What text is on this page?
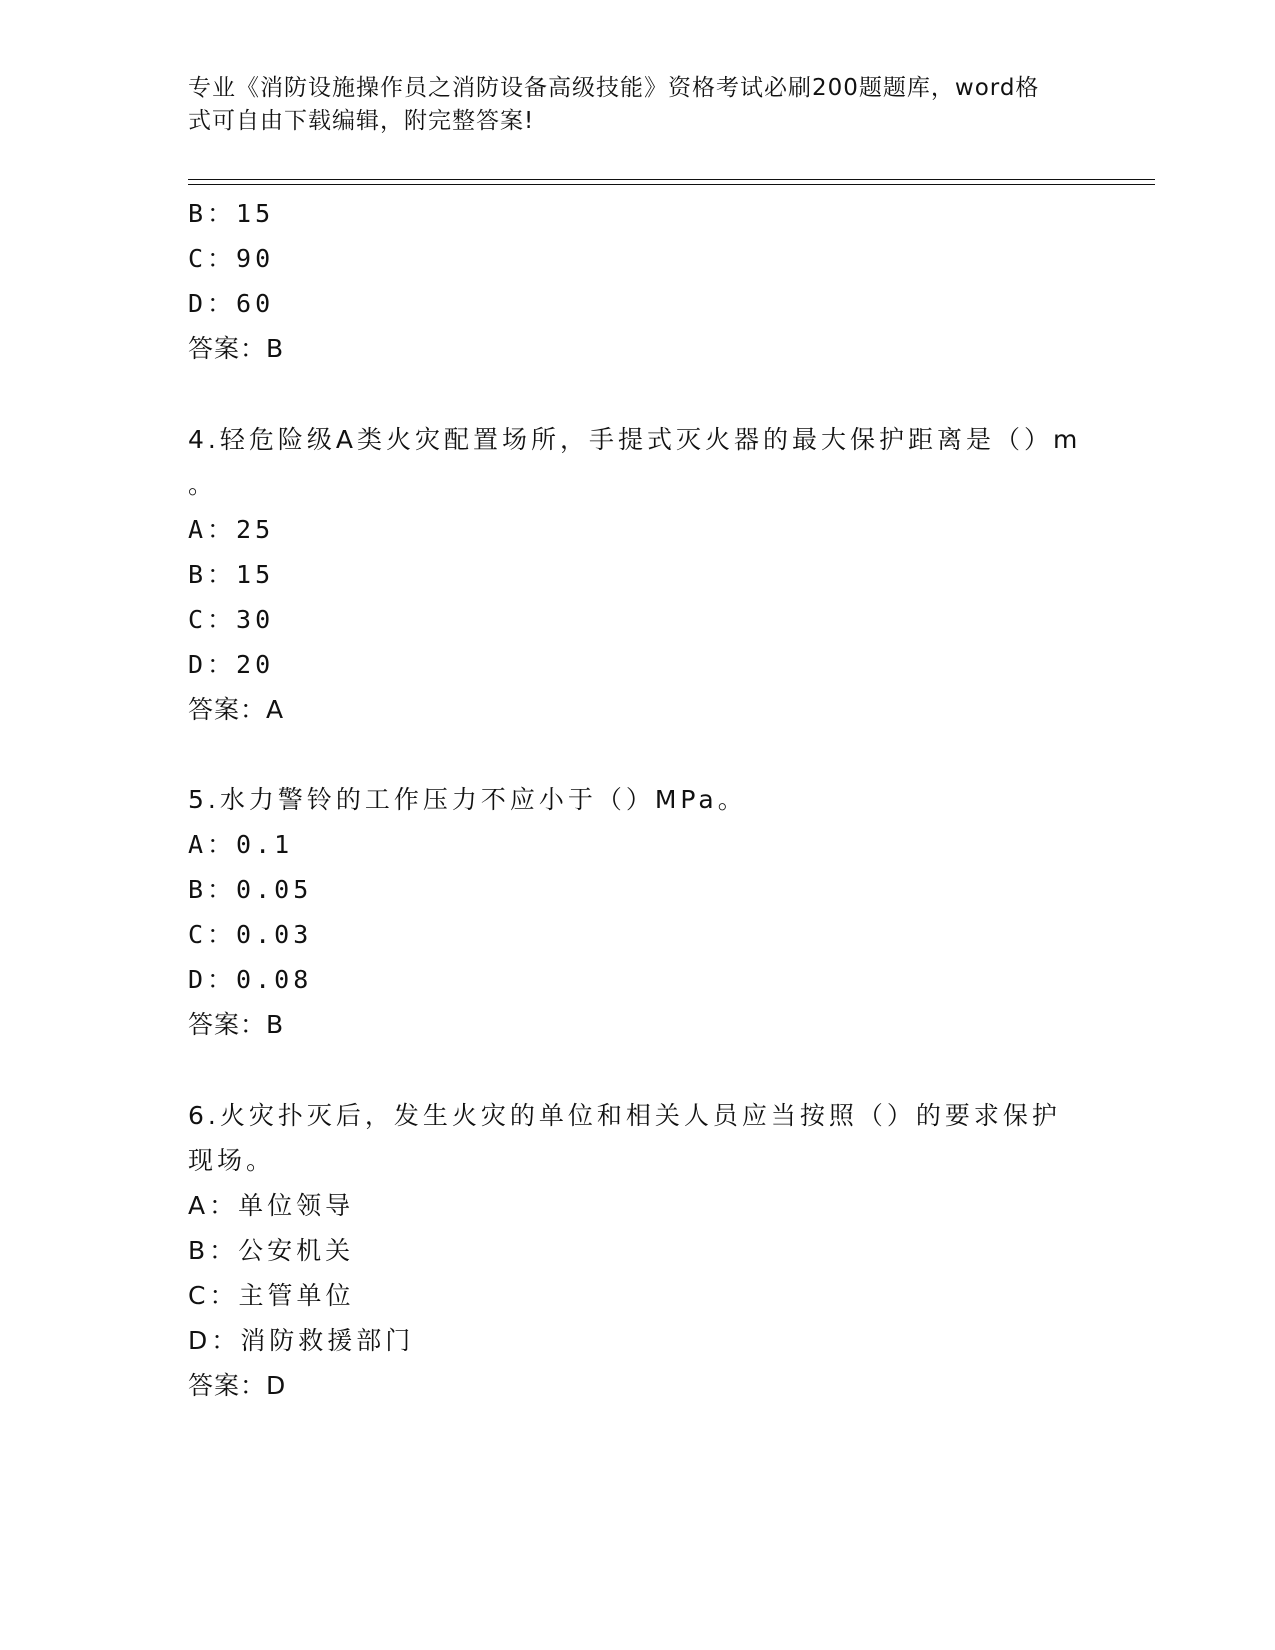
专业《消防设施操作员之消防设备高级技能》资格考试必刷200题题库，word格
式可自由下载编辑，附完整答案!
B：15
C：90
D：60
答案：B
4.轻危险级A类火灾配置场所，手提式灭火器的最大保护距离是（）m
。
A：25
B：15
C：30
D：20
答案：A
5.水力警铃的工作压力不应小于（）MPa。
A：0.1
B：0.05
C：0.03
D：0.08
答案：B
6.火灾扑灭后，发生火灾的单位和相关人员应当按照（）的要求保护
现场。
A：单位领导
B：公安机关
C：主管单位
D：消防救援部门
答案：D
